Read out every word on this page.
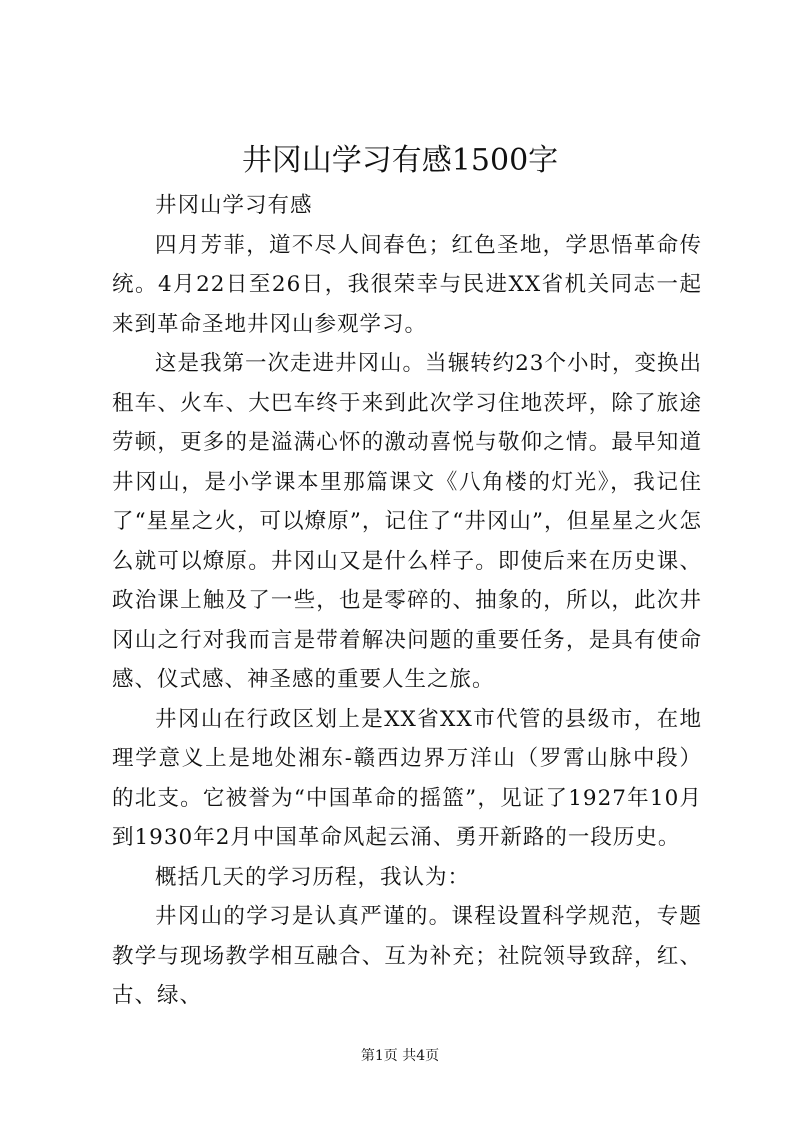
井冈山学习有感1500字

井冈山学习有感

四月芳菲，道不尽人间春色；红色圣地，学思悟革命传统。4月22日至26日，我很荣幸与民进XX省机关同志一起来到革命圣地井冈山参观学习。

这是我第一次走进井冈山。当辗转约23个小时，变换出租车、火车、大巴车终于来到此次学习住地茨坪，除了旅途劳顿，更多的是溢满心怀的激动喜悦与敬仰之情。最早知道井冈山，是小学课本里那篇课文《八角楼的灯光》，我记住了“星星之火，可以燎原”，记住了“井冈山”，但星星之火怎么就可以燎原。井冈山又是什么样子。即使后来在历史课、政治课上触及了一些，也是零碎的、抽象的，所以，此次井冈山之行对我而言是带着解决问题的重要任务，是具有使命感、仪式感、神圣感的重要人生之旅。

井冈山在行政区划上是XX省XX市代管的县级市，在地理学意义上是地处湘东-赣西边界万洋山（罗霄山脉中段）的北支。它被誉为“中国革命的摇篮”，见证了1927年10月到1930年2月中国革命风起云涌、勇开新路的一段历史。

概括几天的学习历程，我认为：

井冈山的学习是认真严谨的。课程设置科学规范，专题教学与现场教学相互融合、互为补充；社院领导致辞，红、古、绿、

第1页 共4页
